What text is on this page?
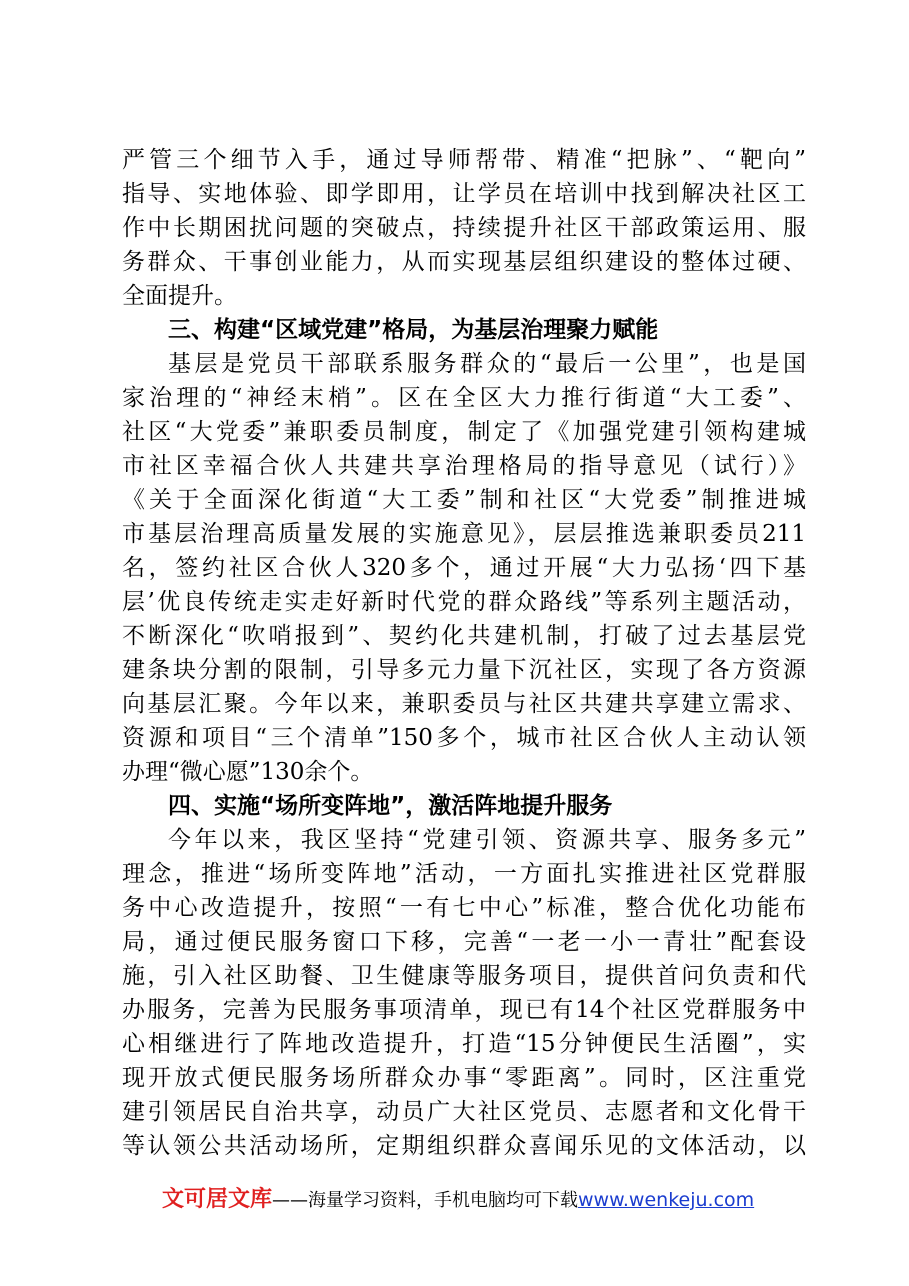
严管三个细节入手，通过导师帮带、精准“把脉”、“靶向”
指导、实地体验、即学即用，让学员在培训中找到解决社区工
作中长期困扰问题的突破点，持续提升社区干部政策运用、服
务群众、干事创业能力，从而实现基层组织建设的整体过硬、
全面提升。
三、构建“区域党建”格局，为基层治理聚力赋能
基层是党员干部联系服务群众的“最后一公里”，也是国
家治理的“神经末梢”。区在全区大力推行街道“大工委”、
社区“大党委”兼职委员制度，制定了《加强党建引领构建城
市社区幸福合伙人共建共享治理格局的指导意见（试行）》
《关于全面深化街道“大工委”制和社区“大党委”制推进城
市基层治理高质量发展的实施意见》，层层推选兼职委员211
名，签约社区合伙人320多个，通过开展“大力弘扬‘四下基
层’优良传统走实走好新时代党的群众路线”等系列主题活动，
不断深化“吹哨报到”、契约化共建机制，打破了过去基层党
建条块分割的限制，引导多元力量下沉社区，实现了各方资源
向基层汇聚。今年以来，兼职委员与社区共建共享建立需求、
资源和项目“三个清单”150多个，城市社区合伙人主动认领
办理“微心愿”130余个。
四、实施“场所变阵地”，激活阵地提升服务
今年以来，我区坚持“党建引领、资源共享、服务多元”
理念，推进“场所变阵地”活动，一方面扎实推进社区党群服
务中心改造提升，按照“一有七中心”标准，整合优化功能布
局，通过便民服务窗口下移，完善“一老一小一青壮”配套设
施，引入社区助餐、卫生健康等服务项目，提供首问负责和代
办服务，完善为民服务事项清单，现已有14个社区党群服务中
心相继进行了阵地改造提升，打造“15分钟便民生活圈”，实
现开放式便民服务场所群众办事“零距离”。同时，区注重党
建引领居民自治共享，动员广大社区党员、志愿者和文化骨干
等认领公共活动场所，定期组织群众喜闻乐见的文体活动，以
文可居文库——海量学习资料，手机电脑均可下载www.wenkeju.com
